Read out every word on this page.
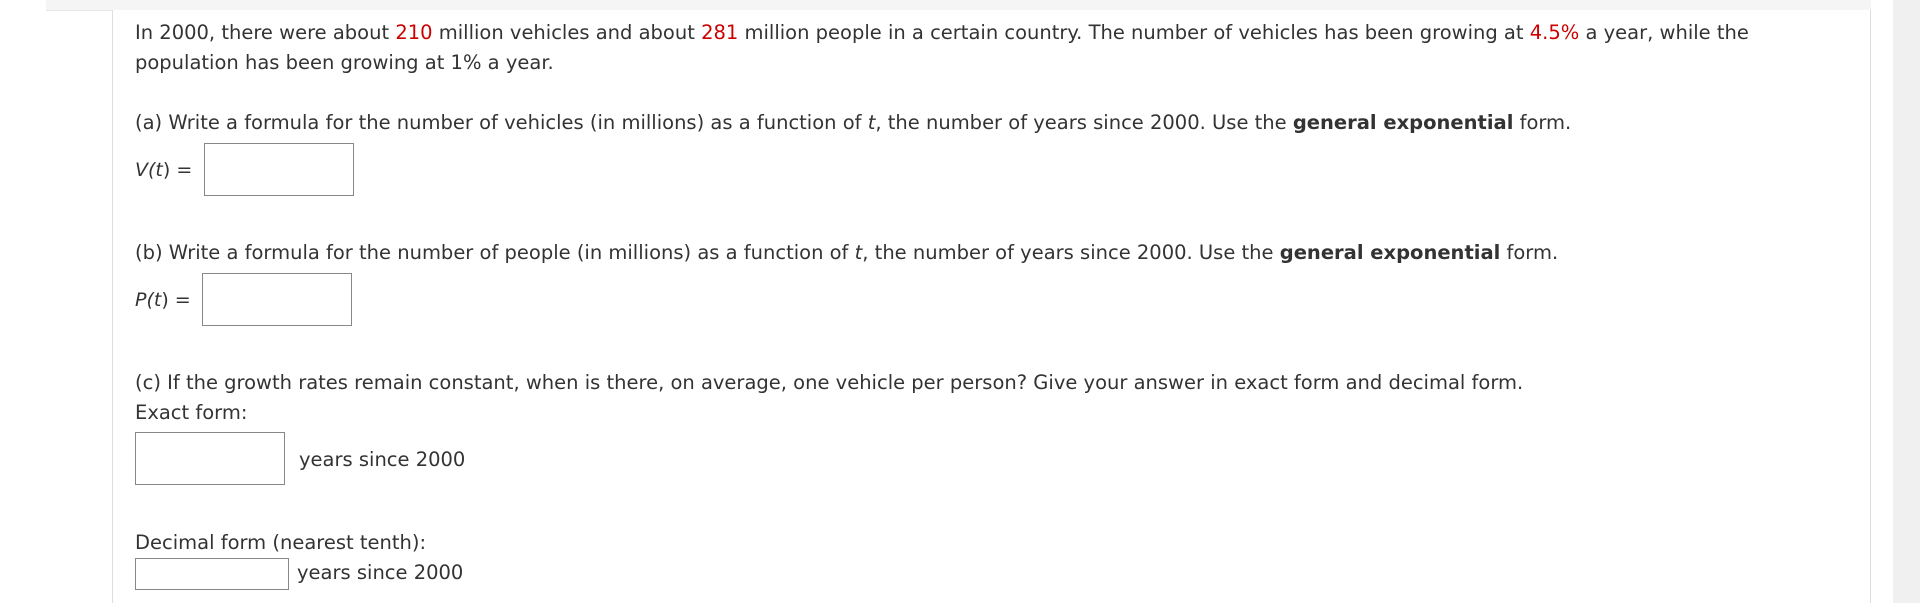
In 2000, there were about 210 million vehicles and about 281 million people in a certain country. The number of vehicles has been growing at 4.5% a year, while the
population has been growing at 1% a year.
(a) Write a formula for the number of vehicles (in millions) as a function of t, the number of years since 2000. Use the general exponential form.
V(t) =
(b) Write a formula for the number of people (in millions) as a function of t, the number of years since 2000. Use the general exponential form.
P(t) =
(c) If the growth rates remain constant, when is there, on average, one vehicle per person? Give your answer in exact form and decimal form.
Exact form:
years since 2000
Decimal form (nearest tenth):
years since 2000
